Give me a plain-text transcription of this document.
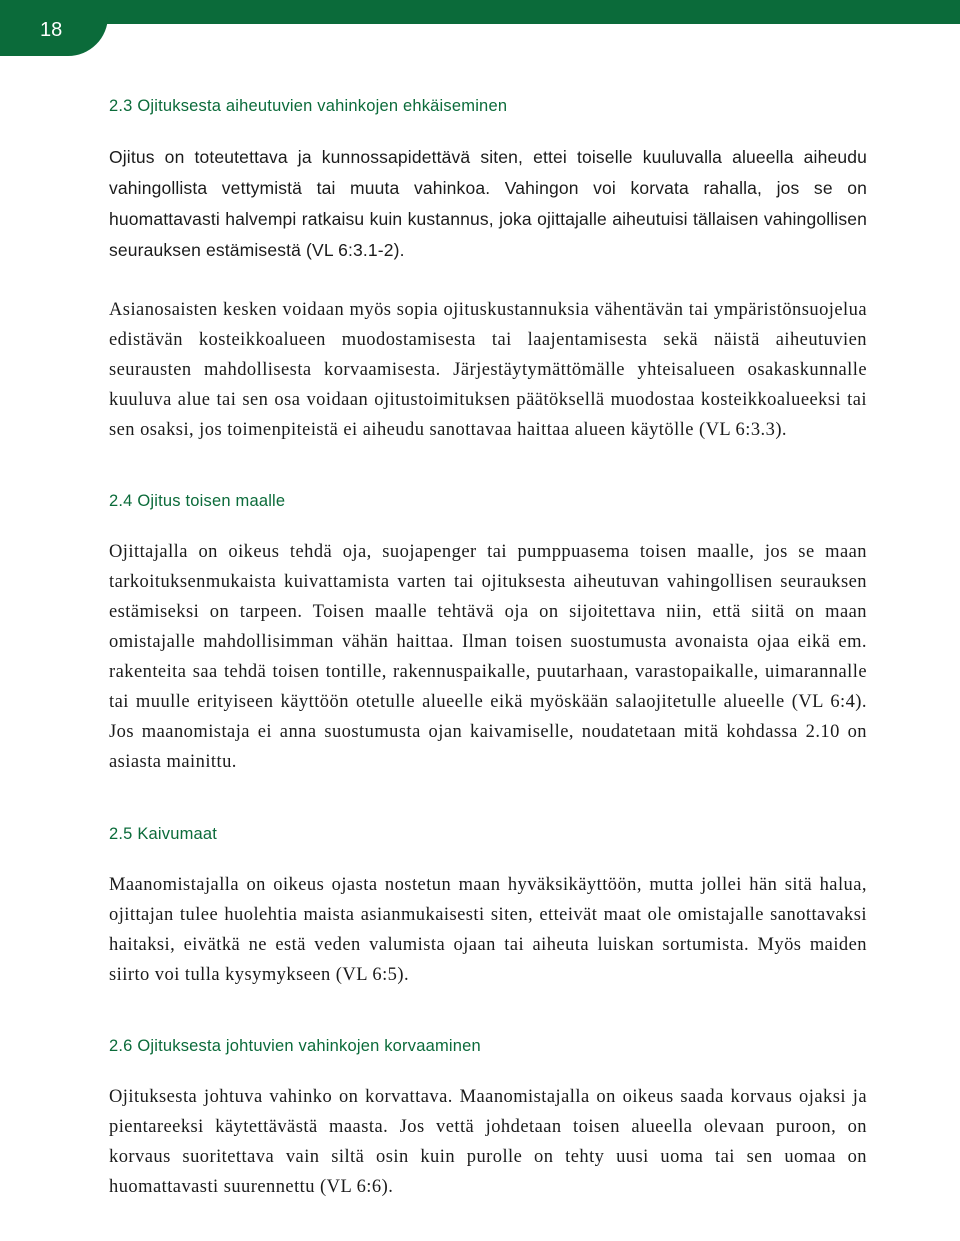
18
2.3 Ojituksesta aiheutuvien vahinkojen ehkäiseminen

Ojitus on toteutettava ja kunnossapidettävä siten, ettei toiselle kuuluvalla alueella aiheudu vahingollista vettymistä tai muuta vahinkoa. Vahingon voi korvata rahalla, jos se on huomattavasti halvempi ratkaisu kuin kustannus, joka ojittajalle aiheutuisi tällaisen vahingollisen seurauksen estämisestä (VL 6:3.1-2).

Asianosaisten kesken voidaan myös sopia ojituskustannuksia vähentävän tai ympäristönsuojelua edistävän kosteikkoalueen muodostamisesta tai laajentamisesta sekä näistä aiheutuvien seurausten mahdollisesta korvaamisesta. Järjestäytymättömälle yhteisalueen osakaskunnalle kuuluva alue tai sen osa voidaan ojitustoimituksen päätöksellä muodostaa kosteikkoalueeksi tai sen osaksi, jos toimenpiteistä ei aiheudu sanottavaa haittaa alueen käytölle (VL 6:3.3).

2.4 Ojitus toisen maalle

Ojittajalla on oikeus tehdä oja, suojapenger tai pumppuasema toisen maalle, jos se maan tarkoituksenmukaista kuivattamista varten tai ojituksesta aiheutuvan vahingollisen seurauksen estämiseksi on tarpeen. Toisen maalle tehtävä oja on sijoitettava niin, että siitä on maan omistajalle mahdollisimman vähän haittaa. Ilman toisen suostumusta avonaista ojaa eikä em. rakenteita saa tehdä toisen tontille, rakennuspaikalle, puutarhaan, varastopaikalle, uimarannalle tai muulle erityiseen käyttöön otetulle alueelle eikä myöskään salaojitetulle alueelle (VL 6:4). Jos maanomistaja ei anna suostumusta ojan kaivamiselle, noudatetaan mitä kohdassa 2.10 on asiasta mainittu.

2.5 Kaivumaat

Maanomistajalla on oikeus ojasta nostetun maan hyväksikäyttöön, mutta jollei hän sitä halua, ojittajan tulee huolehtia maista asianmukaisesti siten, etteivät maat ole omistajalle sanottavaksi haitaksi, eivätkä ne estä veden valumista ojaan tai aiheuta luiskan sortumista. Myös maiden siirto voi tulla kysymykseen (VL 6:5).

2.6 Ojituksesta johtuvien vahinkojen korvaaminen

Ojituksesta johtuva vahinko on korvattava. Maanomistajalla on oikeus saada korvaus ojaksi ja pientareeksi käytettävästä maasta. Jos vettä johdetaan toisen alueella olevaan puroon, on korvaus suoritettava vain siltä osin kuin purolle on tehty uusi uoma tai sen uomaa on huomattavasti suurennettu (VL 6:6).
